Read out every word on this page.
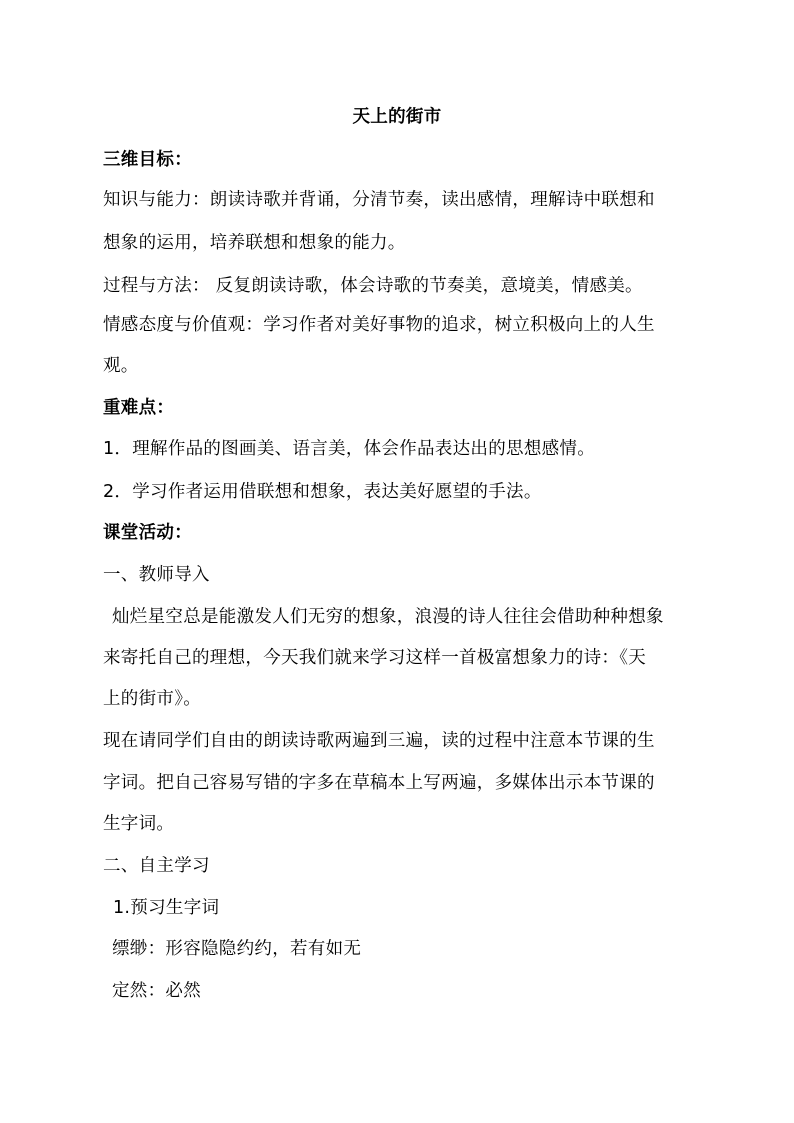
天上的街市
三维目标：
知识与能力：朗读诗歌并背诵，分清节奏，读出感情，理解诗中联想和
想象的运用，培养联想和想象的能力。
过程与方法： 反复朗读诗歌，体会诗歌的节奏美，意境美，情感美。
情感态度与价值观：学习作者对美好事物的追求，树立积极向上的人生
观。
重难点：
1．理解作品的图画美、语言美，体会作品表达出的思想感情。
2．学习作者运用借联想和想象，表达美好愿望的手法。
课堂活动：
一、教师导入
灿烂星空总是能激发人们无穷的想象，浪漫的诗人往往会借助种种想象
来寄托自己的理想，今天我们就来学习这样一首极富想象力的诗：《天
上的街市》。
现在请同学们自由的朗读诗歌两遍到三遍，读的过程中注意本节课的生
字词。把自己容易写错的字多在草稿本上写两遍，多媒体出示本节课的
生字词。
二、自主学习
1.预习生字词
缥缈：形容隐隐约约，若有如无
定然：必然
